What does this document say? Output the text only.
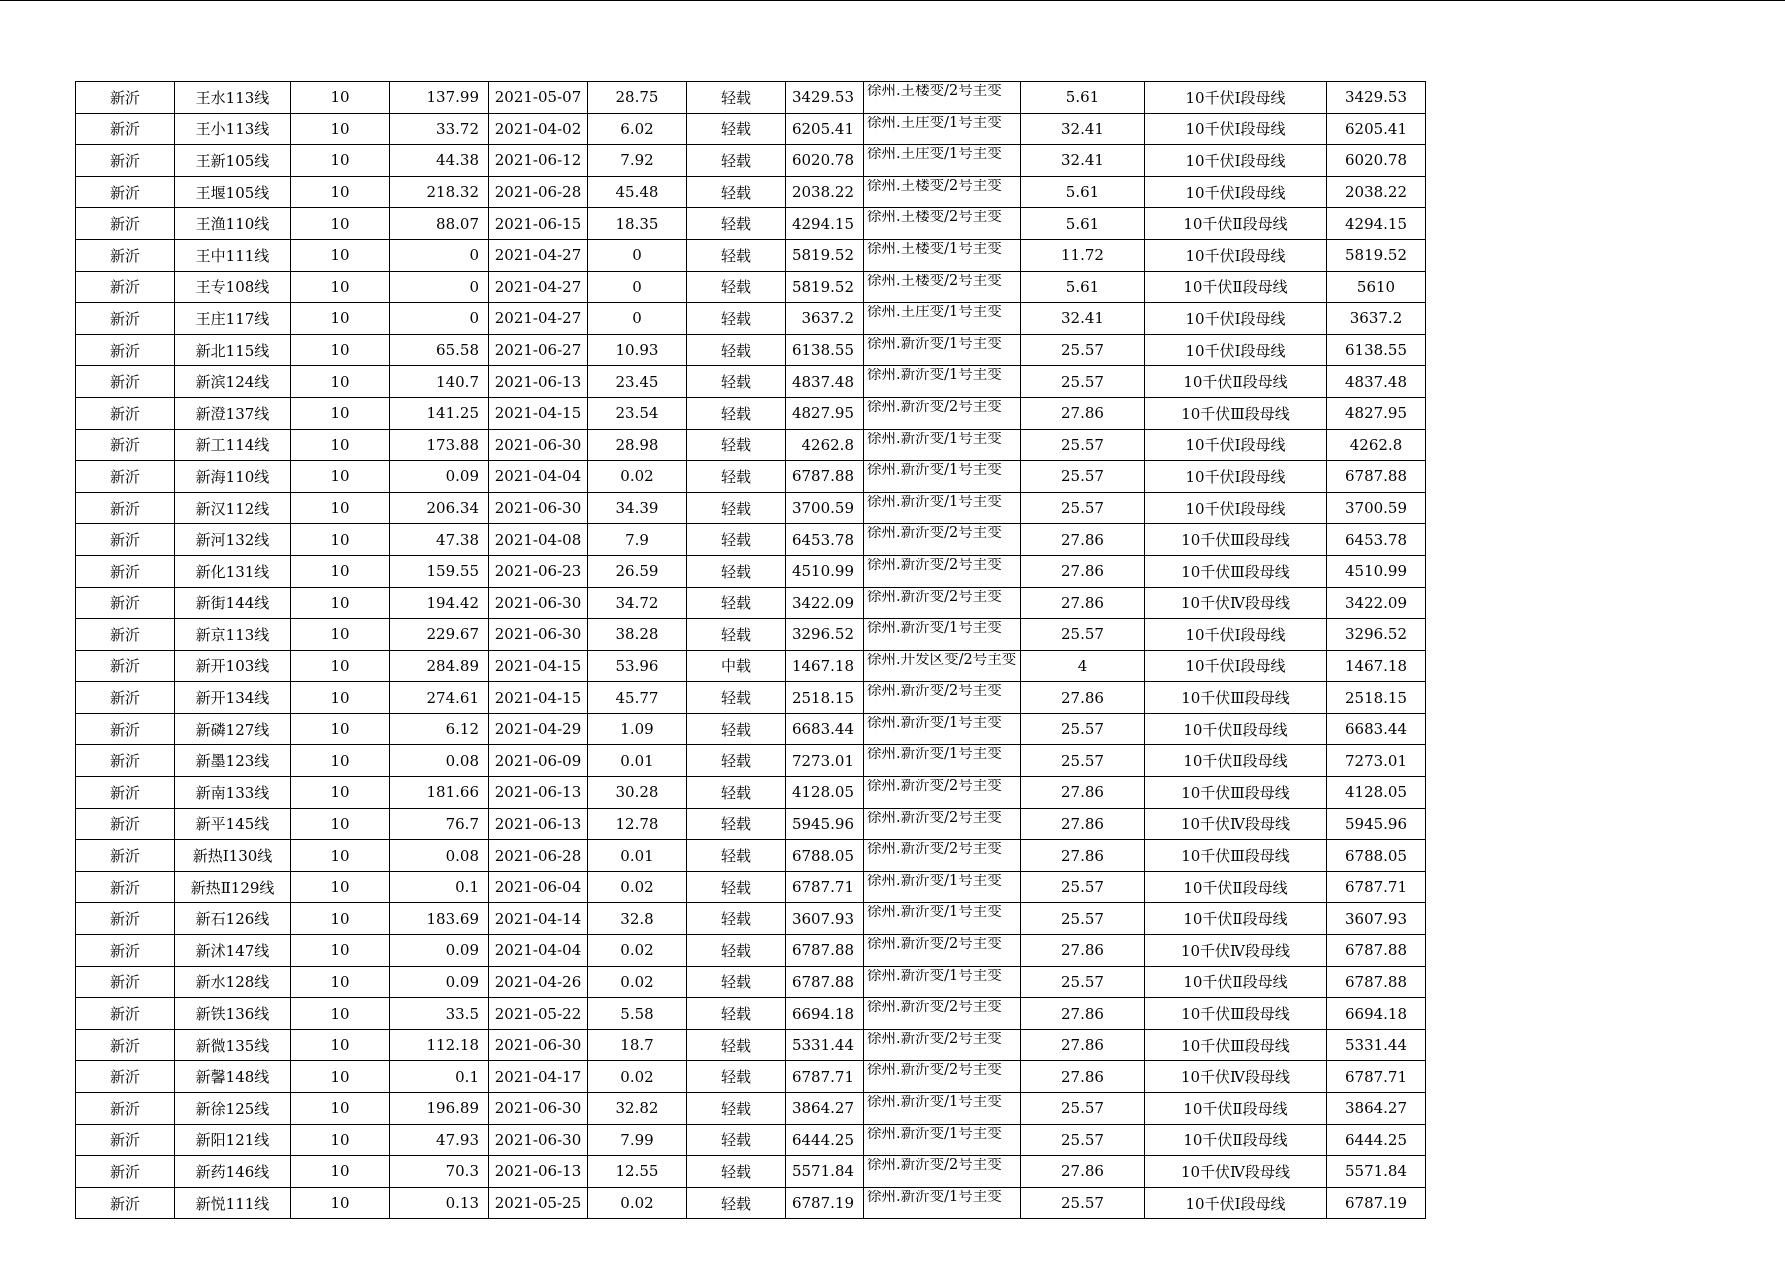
新沂	王水113线	10	137.99	2021-05-07	28.75	轻载	3429.53	徐州.王楼变/2号主变	5.61	10千伏Ⅰ段母线	3429.53
新沂	王小113线	10	33.72	2021-04-02	6.02	轻载	6205.41	徐州.王庄变/1号主变	32.41	10千伏Ⅰ段母线	6205.41
新沂	王新105线	10	44.38	2021-06-12	7.92	轻载	6020.78	徐州.王庄变/1号主变	32.41	10千伏Ⅰ段母线	6020.78
新沂	王堰105线	10	218.32	2021-06-28	45.48	轻载	2038.22	徐州.王楼变/2号主变	5.61	10千伏Ⅰ段母线	2038.22
新沂	王渔110线	10	88.07	2021-06-15	18.35	轻载	4294.15	徐州.王楼变/2号主变	5.61	10千伏Ⅱ段母线	4294.15
新沂	王中111线	10	0	2021-04-27	0	轻载	5819.52	徐州.王楼变/1号主变	11.72	10千伏Ⅰ段母线	5819.52
新沂	王专108线	10	0	2021-04-27	0	轻载	5819.52	徐州.王楼变/2号主变	5.61	10千伏Ⅱ段母线	5610
新沂	王庄117线	10	0	2021-04-27	0	轻载	3637.2	徐州.王庄变/1号主变	32.41	10千伏Ⅰ段母线	3637.2
新沂	新北115线	10	65.58	2021-06-27	10.93	轻载	6138.55	徐州.新沂变/1号主变	25.57	10千伏Ⅰ段母线	6138.55
新沂	新滨124线	10	140.7	2021-06-13	23.45	轻载	4837.48	徐州.新沂变/1号主变	25.57	10千伏Ⅱ段母线	4837.48
新沂	新澄137线	10	141.25	2021-04-15	23.54	轻载	4827.95	徐州.新沂变/2号主变	27.86	10千伏Ⅲ段母线	4827.95
新沂	新工114线	10	173.88	2021-06-30	28.98	轻载	4262.8	徐州.新沂变/1号主变	25.57	10千伏Ⅰ段母线	4262.8
新沂	新海110线	10	0.09	2021-04-04	0.02	轻载	6787.88	徐州.新沂变/1号主变	25.57	10千伏Ⅰ段母线	6787.88
新沂	新汉112线	10	206.34	2021-06-30	34.39	轻载	3700.59	徐州.新沂变/1号主变	25.57	10千伏Ⅰ段母线	3700.59
新沂	新河132线	10	47.38	2021-04-08	7.9	轻载	6453.78	徐州.新沂变/2号主变	27.86	10千伏Ⅲ段母线	6453.78
新沂	新化131线	10	159.55	2021-06-23	26.59	轻载	4510.99	徐州.新沂变/2号主变	27.86	10千伏Ⅲ段母线	4510.99
新沂	新街144线	10	194.42	2021-06-30	34.72	轻载	3422.09	徐州.新沂变/2号主变	27.86	10千伏Ⅳ段母线	3422.09
新沂	新京113线	10	229.67	2021-06-30	38.28	轻载	3296.52	徐州.新沂变/1号主变	25.57	10千伏Ⅰ段母线	3296.52
新沂	新开103线	10	284.89	2021-04-15	53.96	中载	1467.18	徐州.开发区变/2号主变	4	10千伏Ⅰ段母线	1467.18
新沂	新开134线	10	274.61	2021-04-15	45.77	轻载	2518.15	徐州.新沂变/2号主变	27.86	10千伏Ⅲ段母线	2518.15
新沂	新磷127线	10	6.12	2021-04-29	1.09	轻载	6683.44	徐州.新沂变/1号主变	25.57	10千伏Ⅱ段母线	6683.44
新沂	新墨123线	10	0.08	2021-06-09	0.01	轻载	7273.01	徐州.新沂变/1号主变	25.57	10千伏Ⅱ段母线	7273.01
新沂	新南133线	10	181.66	2021-06-13	30.28	轻载	4128.05	徐州.新沂变/2号主变	27.86	10千伏Ⅲ段母线	4128.05
新沂	新平145线	10	76.7	2021-06-13	12.78	轻载	5945.96	徐州.新沂变/2号主变	27.86	10千伏Ⅳ段母线	5945.96
新沂	新热Ⅰ130线	10	0.08	2021-06-28	0.01	轻载	6788.05	徐州.新沂变/2号主变	27.86	10千伏Ⅲ段母线	6788.05
新沂	新热Ⅱ129线	10	0.1	2021-06-04	0.02	轻载	6787.71	徐州.新沂变/1号主变	25.57	10千伏Ⅱ段母线	6787.71
新沂	新石126线	10	183.69	2021-04-14	32.8	轻载	3607.93	徐州.新沂变/1号主变	25.57	10千伏Ⅱ段母线	3607.93
新沂	新沭147线	10	0.09	2021-04-04	0.02	轻载	6787.88	徐州.新沂变/2号主变	27.86	10千伏Ⅳ段母线	6787.88
新沂	新水128线	10	0.09	2021-04-26	0.02	轻载	6787.88	徐州.新沂变/1号主变	25.57	10千伏Ⅱ段母线	6787.88
新沂	新铁136线	10	33.5	2021-05-22	5.58	轻载	6694.18	徐州.新沂变/2号主变	27.86	10千伏Ⅲ段母线	6694.18
新沂	新微135线	10	112.18	2021-06-30	18.7	轻载	5331.44	徐州.新沂变/2号主变	27.86	10千伏Ⅲ段母线	5331.44
新沂	新馨148线	10	0.1	2021-04-17	0.02	轻载	6787.71	徐州.新沂变/2号主变	27.86	10千伏Ⅳ段母线	6787.71
新沂	新徐125线	10	196.89	2021-06-30	32.82	轻载	3864.27	徐州.新沂变/1号主变	25.57	10千伏Ⅱ段母线	3864.27
新沂	新阳121线	10	47.93	2021-06-30	7.99	轻载	6444.25	徐州.新沂变/1号主变	25.57	10千伏Ⅱ段母线	6444.25
新沂	新药146线	10	70.3	2021-06-13	12.55	轻载	5571.84	徐州.新沂变/2号主变	27.86	10千伏Ⅳ段母线	5571.84
新沂	新悦111线	10	0.13	2021-05-25	0.02	轻载	6787.19	徐州.新沂变/1号主变	25.57	10千伏Ⅰ段母线	6787.19
